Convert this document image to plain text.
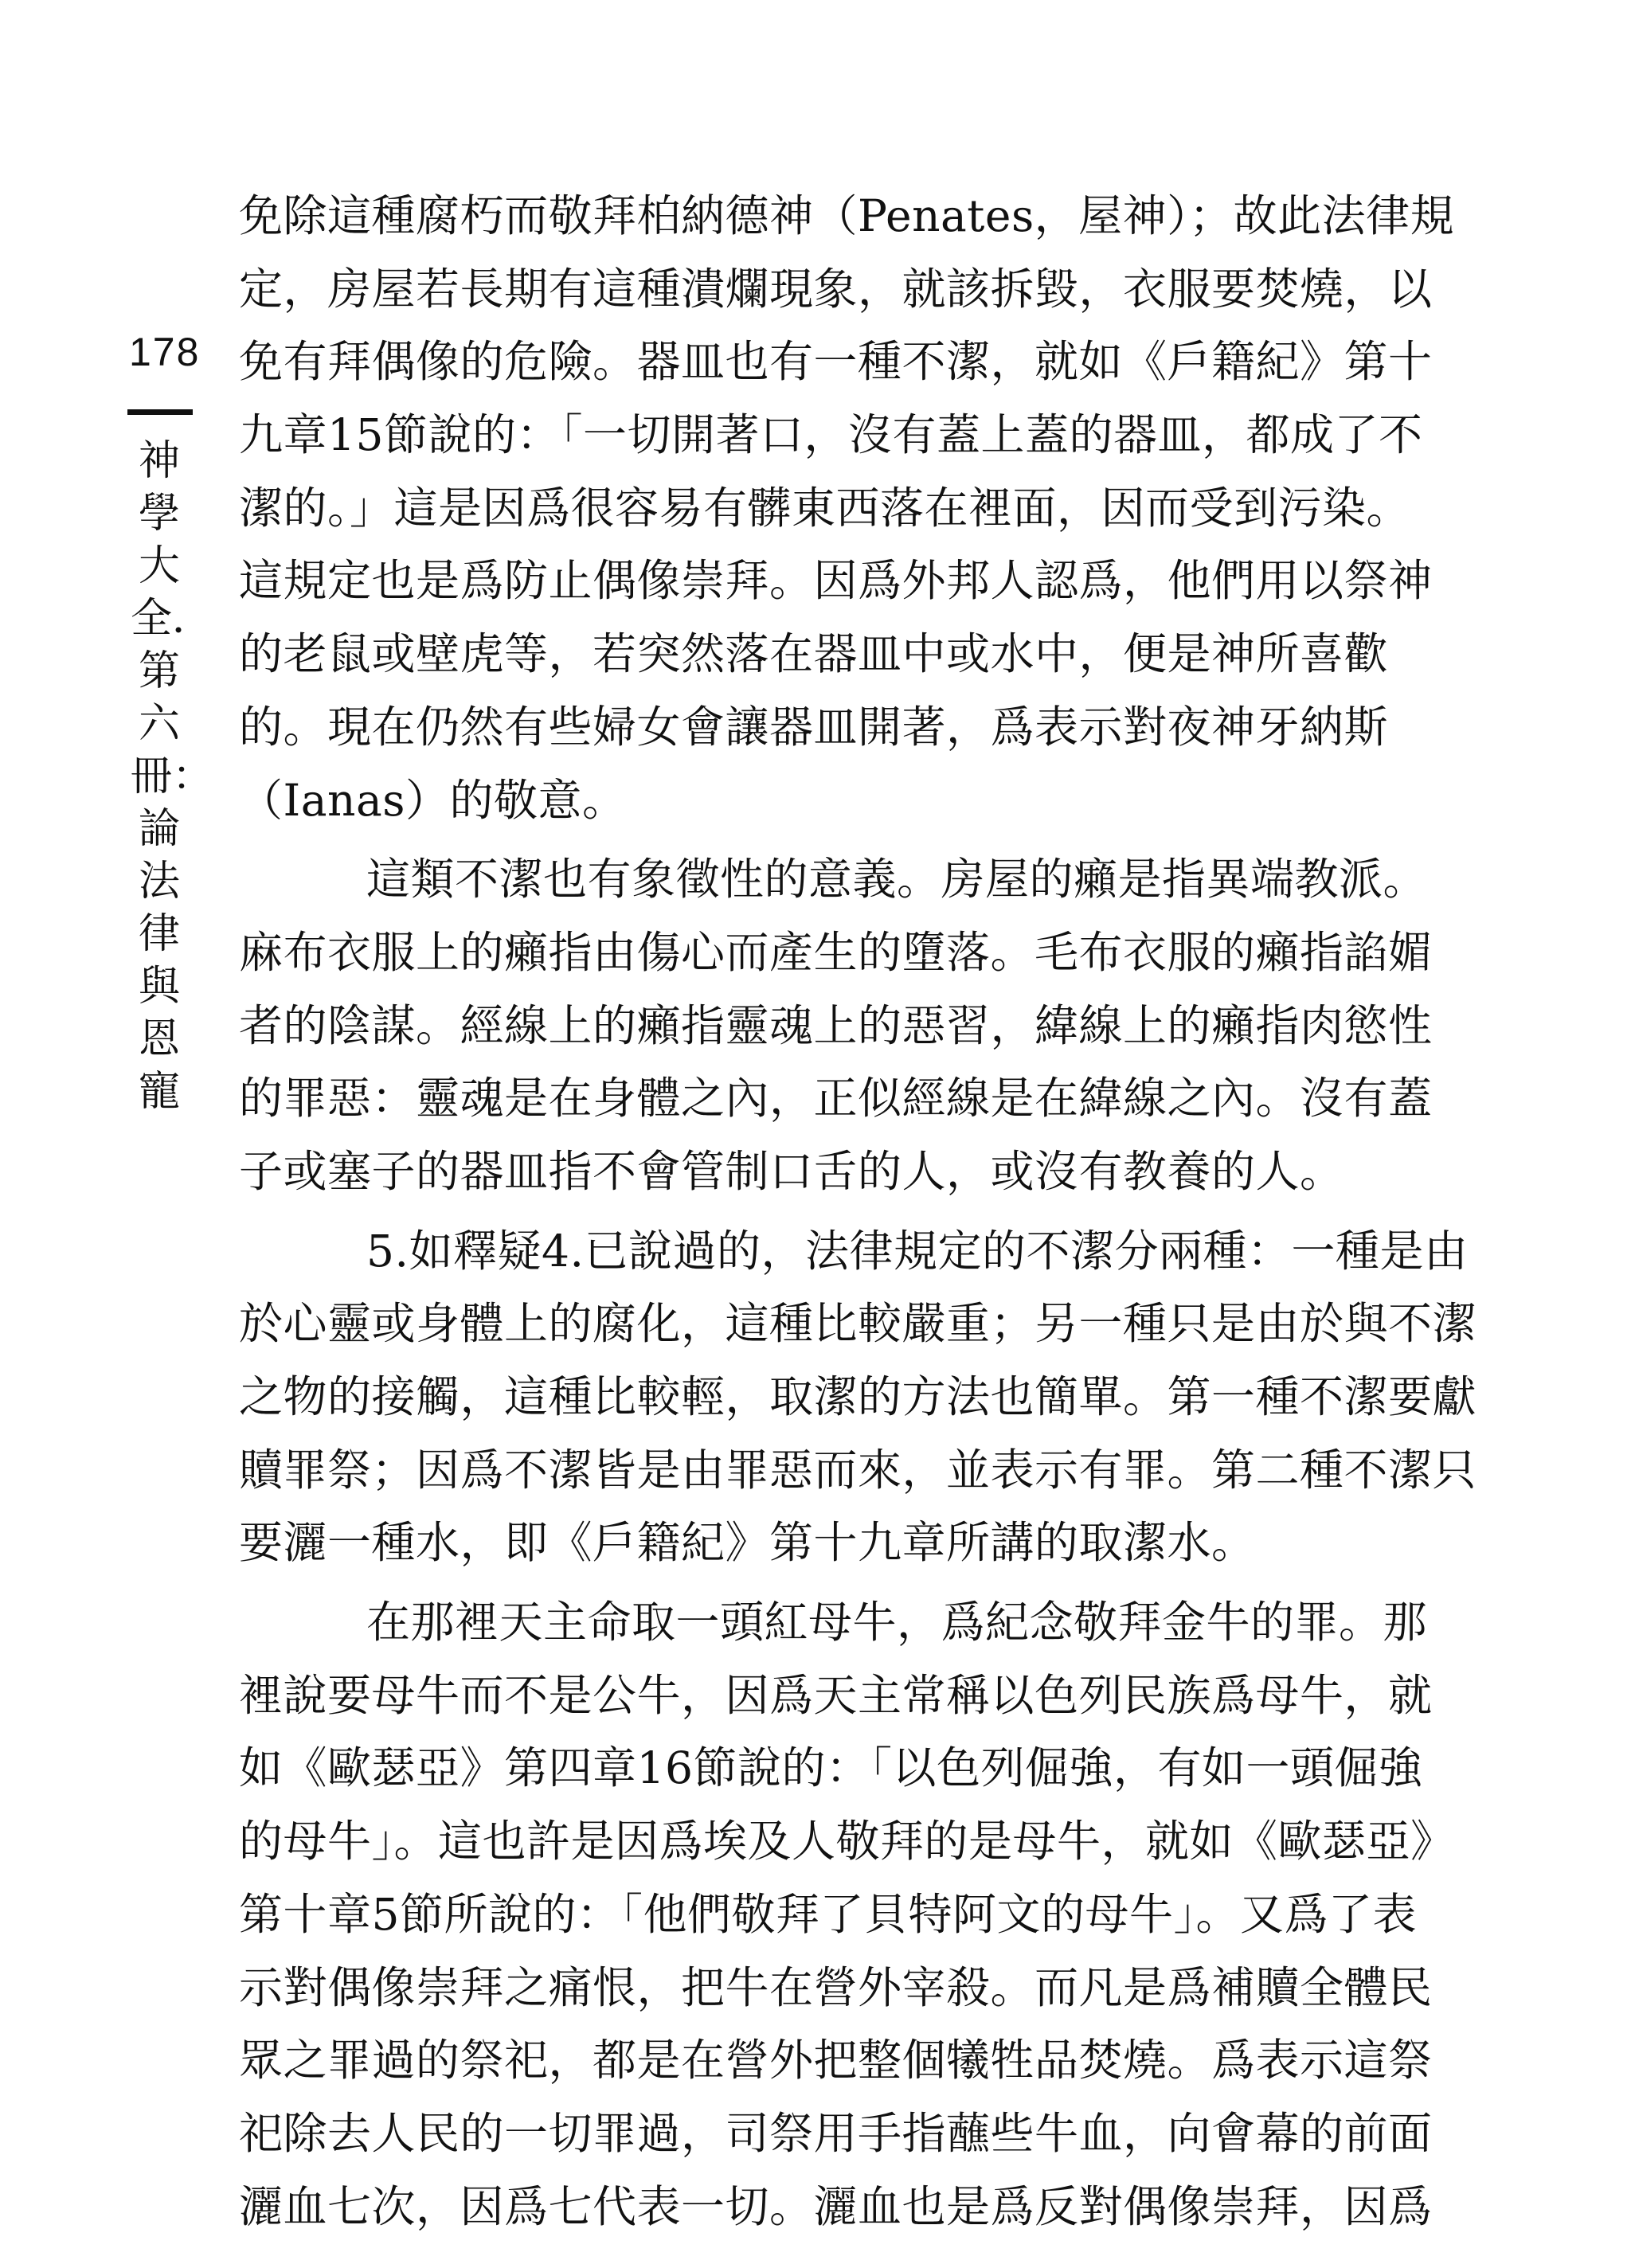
178
神學大全．第六冊：論法律與恩寵
免除這種腐朽而敬拜柏納德神（Penates，屋神）；故此法律規
定，房屋若長期有這種潰爛現象，就該拆毀，衣服要焚燒，以
免有拜偶像的危險。器皿也有一種不潔，就如《戶籍紀》第十
九章15節說的：「一切開著口，沒有蓋上蓋的器皿，都成了不
潔的。」這是因爲很容易有髒東西落在裡面，因而受到污染。
這規定也是爲防止偶像崇拜。因爲外邦人認爲，他們用以祭神
的老鼠或壁虎等，若突然落在器皿中或水中，便是神所喜歡
的。現在仍然有些婦女會讓器皿開著，爲表示對夜神牙納斯
（Ianas）的敬意。
這類不潔也有象徵性的意義。房屋的癩是指異端教派。
麻布衣服上的癩指由傷心而產生的墮落。毛布衣服的癩指諂媚
者的陰謀。經線上的癩指靈魂上的惡習，緯線上的癩指肉慾性
的罪惡：靈魂是在身體之內，正似經線是在緯線之內。沒有蓋
子或塞子的器皿指不會管制口舌的人，或沒有教養的人。
5.如釋疑4.已說過的，法律規定的不潔分兩種：一種是由
於心靈或身體上的腐化，這種比較嚴重；另一種只是由於與不潔
之物的接觸，這種比較輕，取潔的方法也簡單。第一種不潔要獻
贖罪祭；因爲不潔皆是由罪惡而來，並表示有罪。第二種不潔只
要灑一種水，即《戶籍紀》第十九章所講的取潔水。
在那裡天主命取一頭紅母牛，爲紀念敬拜金牛的罪。那
裡說要母牛而不是公牛，因爲天主常稱以色列民族爲母牛，就
如《歐瑟亞》第四章16節說的：「以色列倔強，有如一頭倔強
的母牛」。這也許是因爲埃及人敬拜的是母牛，就如《歐瑟亞》
第十章5節所說的：「他們敬拜了貝特阿文的母牛」。又爲了表
示對偶像崇拜之痛恨，把牛在營外宰殺。而凡是爲補贖全體民
眾之罪過的祭祀，都是在營外把整個犧牲品焚燒。爲表示這祭
祀除去人民的一切罪過，司祭用手指蘸些牛血，向會幕的前面
灑血七次，因爲七代表一切。灑血也是爲反對偶像崇拜，因爲
